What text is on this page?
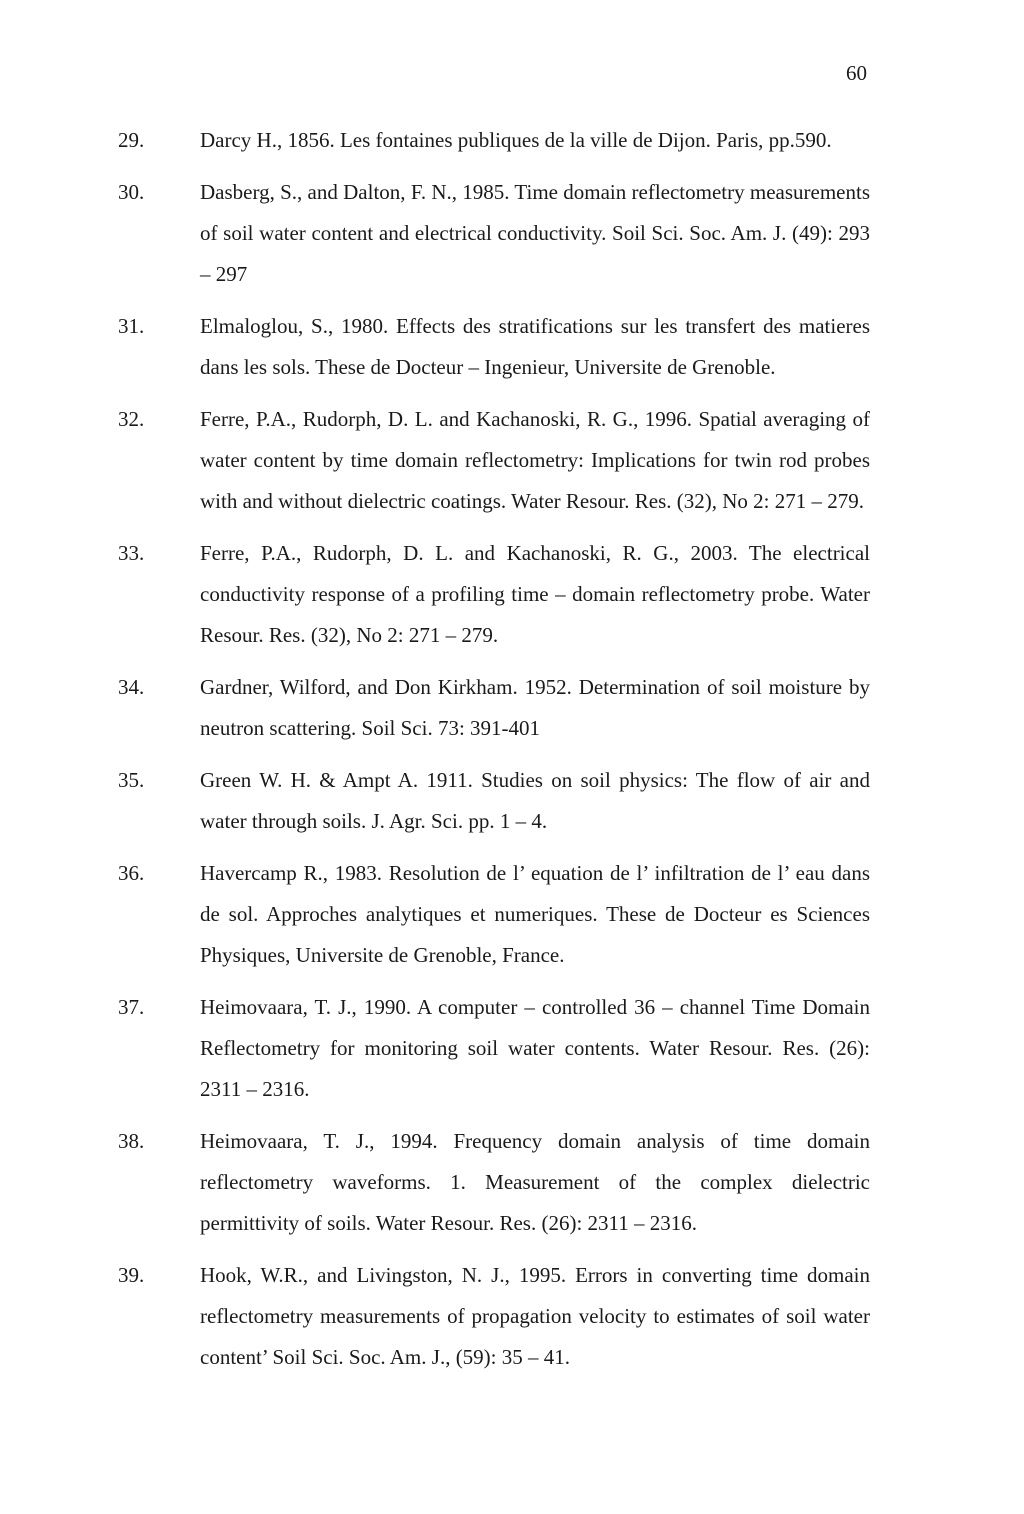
60
29.	Darcy H., 1856. Les fontaines publiques de la ville de Dijon. Paris, pp.590.
30.	Dasberg, S., and Dalton, F. N., 1985. Time domain reflectometry measurements of soil water content and electrical conductivity. Soil Sci. Soc. Am. J. (49): 293 – 297
31.	Elmaloglou, S., 1980. Effects des stratifications sur les transfert des matieres dans les sols. These de Docteur – Ingenieur, Universite de Grenoble.
32.	Ferre, P.A., Rudorph, D. L. and Kachanoski, R. G., 1996. Spatial averaging of water content by time domain reflectometry: Implications for twin rod probes with and without dielectric coatings. Water Resour. Res. (32), No 2: 271 – 279.
33.	Ferre, P.A., Rudorph, D. L. and Kachanoski, R. G., 2003. The electrical conductivity response of a profiling time – domain reflectometry probe. Water Resour. Res. (32), No 2: 271 – 279.
34.	Gardner, Wilford, and Don Kirkham. 1952. Determination of soil moisture by neutron scattering. Soil Sci. 73: 391-401
35.	Green W. H. & Ampt A. 1911. Studies on soil physics: The flow of air and water through soils. J. Agr. Sci. pp. 1 – 4.
36.	Havercamp R., 1983. Resolution de l’ equation de l’ infiltration de l’ eau dans de sol. Approches analytiques et numeriques. These de Docteur es Sciences Physiques, Universite de Grenoble, France.
37.	Heimovaara, T. J., 1990. A computer – controlled 36 – channel Time Domain Reflectometry for monitoring soil water contents. Water Resour. Res. (26): 2311 – 2316.
38.	Heimovaara, T. J., 1994. Frequency domain analysis of time domain reflectometry waveforms. 1. Measurement of the complex dielectric permittivity of soils. Water Resour. Res. (26): 2311 – 2316.
39.	Hook, W.R., and Livingston, N. J., 1995. Errors in converting time domain reflectometry measurements of propagation velocity to estimates of soil water content’ Soil Sci. Soc. Am. J., (59): 35 – 41.
